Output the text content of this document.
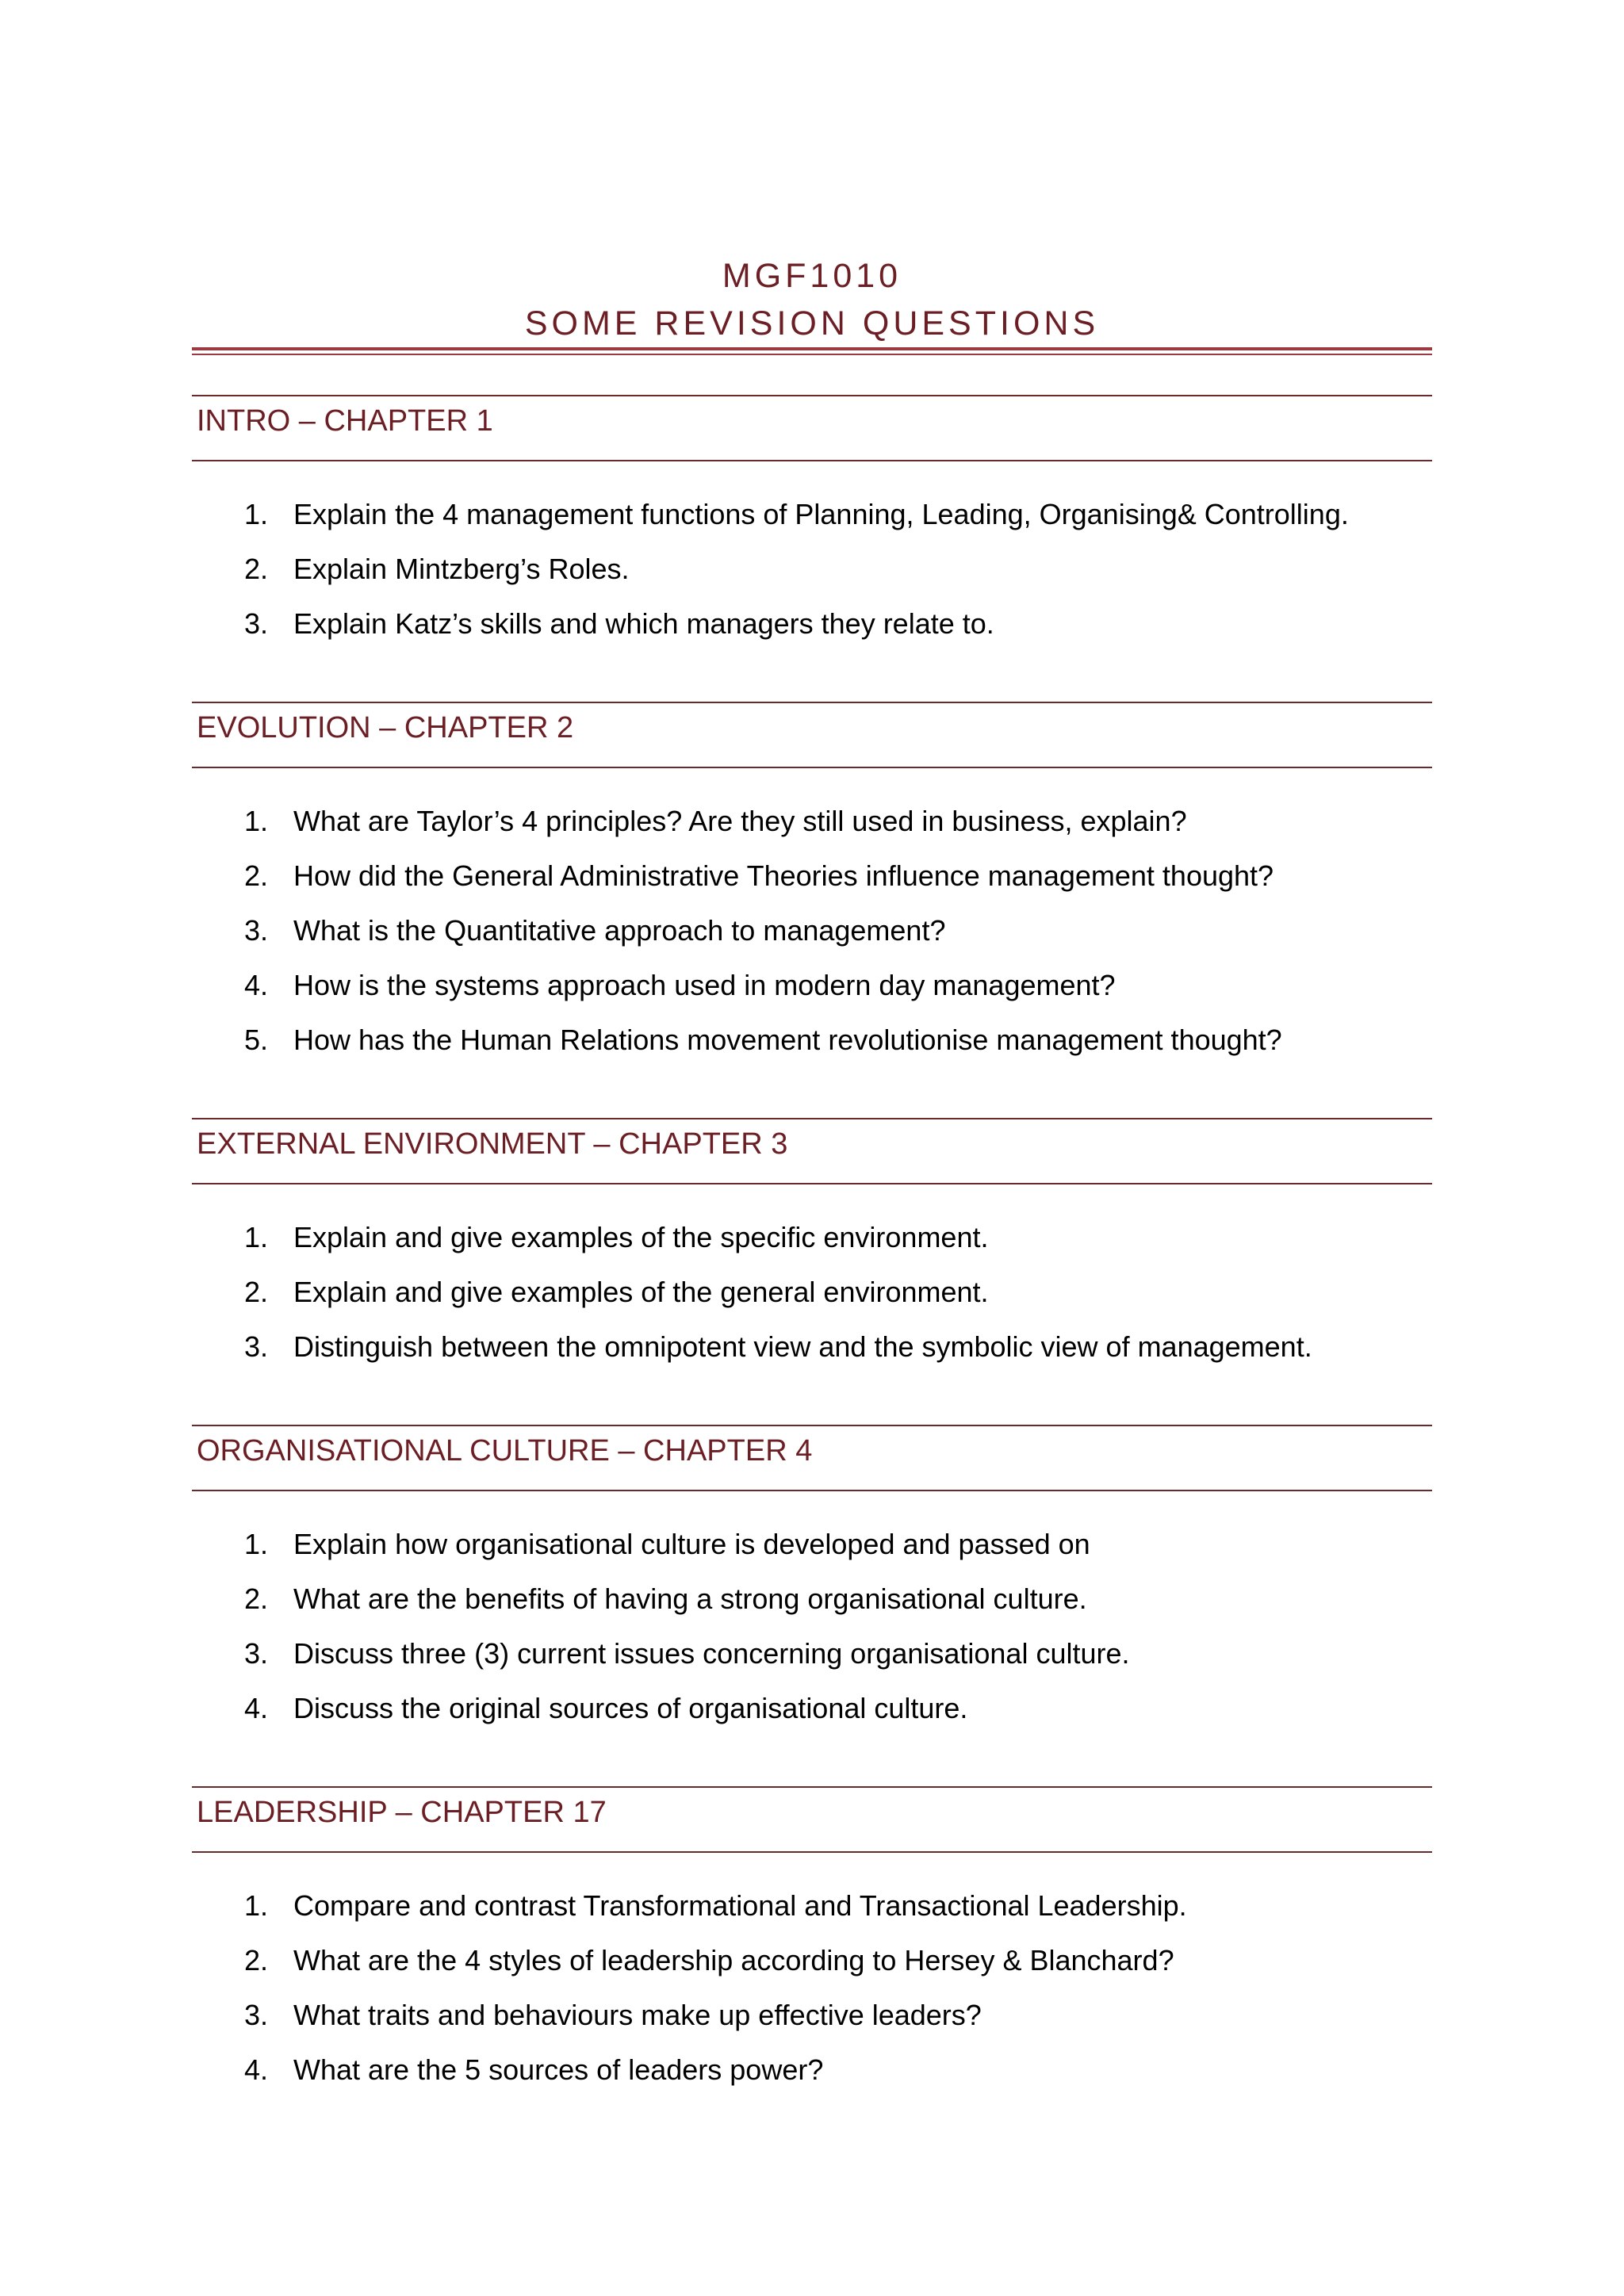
MGF1010
SOME REVISION QUESTIONS
INTRO – CHAPTER 1
1. Explain the 4 management functions of Planning, Leading, Organising& Controlling.
2. Explain Mintzberg’s Roles.
3. Explain Katz’s skills and which managers they relate to.
EVOLUTION – CHAPTER 2
1. What are Taylor’s 4 principles? Are they still used in business, explain?
2. How did the General Administrative Theories influence management thought?
3. What is the Quantitative approach to management?
4. How is the systems approach used in modern day management?
5. How has the Human Relations movement revolutionise management thought?
EXTERNAL ENVIRONMENT – CHAPTER 3
1. Explain and give examples of the specific environment.
2. Explain and give examples of the general environment.
3. Distinguish between the omnipotent view and the symbolic view of management.
ORGANISATIONAL CULTURE – CHAPTER 4
1. Explain how organisational culture is developed and passed on
2. What are the benefits of having a strong organisational culture.
3. Discuss three (3) current issues concerning organisational culture.
4. Discuss the original sources of organisational culture.
LEADERSHIP – CHAPTER 17
1. Compare and contrast Transformational and Transactional Leadership.
2. What are the 4 styles of leadership according to Hersey & Blanchard?
3. What traits and behaviours make up effective leaders?
4. What are the 5 sources of leaders power?
